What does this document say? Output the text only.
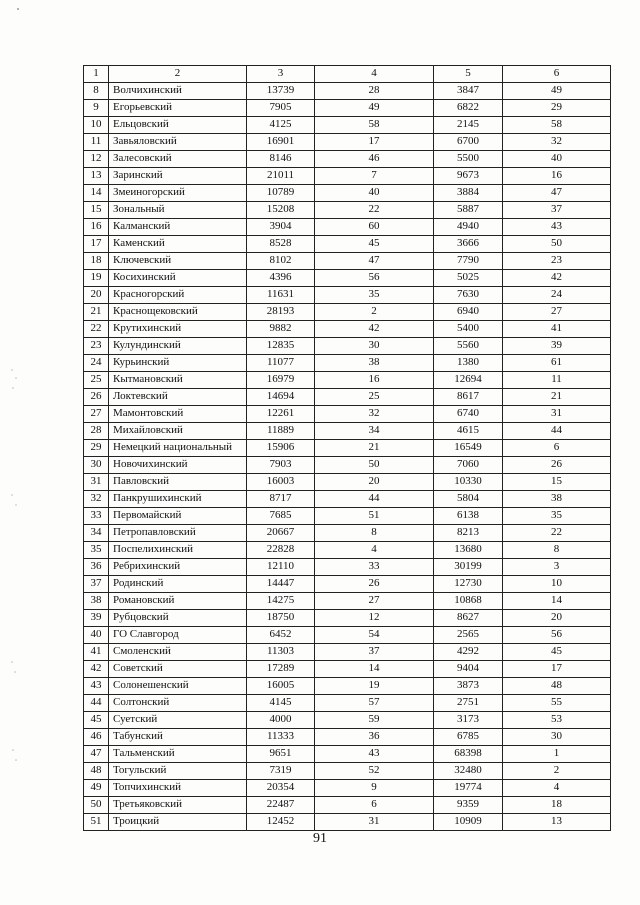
1	2	3	4	5	6
8	Волчихинский	13739	28	3847	49
9	Егорьевский	7905	49	6822	29
10	Ельцовский	4125	58	2145	58
11	Завьяловский	16901	17	6700	32
12	Залесовский	8146	46	5500	40
13	Заринский	21011	7	9673	16
14	Змеиногорский	10789	40	3884	47
15	Зональный	15208	22	5887	37
16	Калманский	3904	60	4940	43
17	Каменский	8528	45	3666	50
18	Ключевский	8102	47	7790	23
19	Косихинский	4396	56	5025	42
20	Красногорский	11631	35	7630	24
21	Краснощековский	28193	2	6940	27
22	Крутихинский	9882	42	5400	41
23	Кулундинский	12835	30	5560	39
24	Курьинский	11077	38	1380	61
25	Кытмановский	16979	16	12694	11
26	Локтевский	14694	25	8617	21
27	Мамонтовский	12261	32	6740	31
28	Михайловский	11889	34	4615	44
29	Немецкий национальный	15906	21	16549	6
30	Новочихинский	7903	50	7060	26
31	Павловский	16003	20	10330	15
32	Панкрушихинский	8717	44	5804	38
33	Первомайский	7685	51	6138	35
34	Петропавловский	20667	8	8213	22
35	Поспелихинский	22828	4	13680	8
36	Ребрихинский	12110	33	30199	3
37	Родинский	14447	26	12730	10
38	Романовский	14275	27	10868	14
39	Рубцовский	18750	12	8627	20
40	ГО Славгород	6452	54	2565	56
41	Смоленский	11303	37	4292	45
42	Советский	17289	14	9404	17
43	Солонешенский	16005	19	3873	48
44	Солтонский	4145	57	2751	55
45	Суетский	4000	59	3173	53
46	Табунский	11333	36	6785	30
47	Тальменский	9651	43	68398	1
48	Тогульский	7319	52	32480	2
49	Топчихинский	20354	9	19774	4
50	Третьяковский	22487	6	9359	18
51	Троицкий	12452	31	10909	13
91
